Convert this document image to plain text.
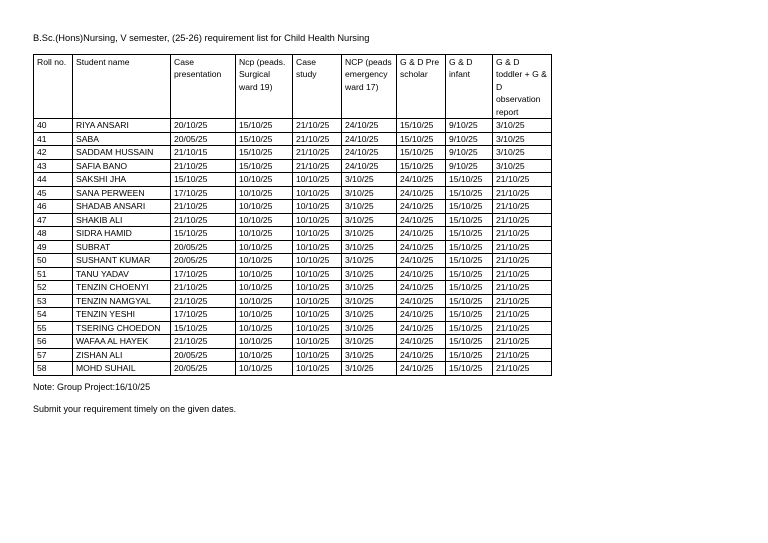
B.Sc.(Hons)Nursing, V semester, (25-26) requirement list for Child Health Nursing
Roll no.	Student name	Case presentation	Ncp (peads. Surgical ward 19)	Case study	NCP (peads emergency ward 17)	G & D Pre scholar	G & D infant	G & D toddler + G & D observation report
40	RIYA ANSARI	20/10/25	15/10/25	21/10/25	24/10/25	15/10/25	9/10/25	3/10/25
41	SABA	20/05/25	15/10/25	21/10/25	24/10/25	15/10/25	9/10/25	3/10/25
42	SADDAM HUSSAIN	21/10/15	15/10/25	21/10/25	24/10/25	15/10/25	9/10/25	3/10/25
43	SAFIA BANO	21/10/25	15/10/25	21/10/25	24/10/25	15/10/25	9/10/25	3/10/25
44	SAKSHI JHA	15/10/25	10/10/25	10/10/25	3/10/25	24/10/25	15/10/25	21/10/25
45	SANA PERWEEN	17/10/25	10/10/25	10/10/25	3/10/25	24/10/25	15/10/25	21/10/25
46	SHADAB ANSARI	21/10/25	10/10/25	10/10/25	3/10/25	24/10/25	15/10/25	21/10/25
47	SHAKIB ALI	21/10/25	10/10/25	10/10/25	3/10/25	24/10/25	15/10/25	21/10/25
48	SIDRA HAMID	15/10/25	10/10/25	10/10/25	3/10/25	24/10/25	15/10/25	21/10/25
49	SUBRAT	20/05/25	10/10/25	10/10/25	3/10/25	24/10/25	15/10/25	21/10/25
50	SUSHANT KUMAR	20/05/25	10/10/25	10/10/25	3/10/25	24/10/25	15/10/25	21/10/25
51	TANU YADAV	17/10/25	10/10/25	10/10/25	3/10/25	24/10/25	15/10/25	21/10/25
52	TENZIN CHOENYI	21/10/25	10/10/25	10/10/25	3/10/25	24/10/25	15/10/25	21/10/25
53	TENZIN NAMGYAL	21/10/25	10/10/25	10/10/25	3/10/25	24/10/25	15/10/25	21/10/25
54	TENZIN YESHI	17/10/25	10/10/25	10/10/25	3/10/25	24/10/25	15/10/25	21/10/25
55	TSERING CHOEDON	15/10/25	10/10/25	10/10/25	3/10/25	24/10/25	15/10/25	21/10/25
56	WAFAA AL HAYEK	21/10/25	10/10/25	10/10/25	3/10/25	24/10/25	15/10/25	21/10/25
57	ZISHAN ALI	20/05/25	10/10/25	10/10/25	3/10/25	24/10/25	15/10/25	21/10/25
58	MOHD SUHAIL	20/05/25	10/10/25	10/10/25	3/10/25	24/10/25	15/10/25	21/10/25
Note: Group Project:16/10/25
Submit your requirement timely on the given dates.
